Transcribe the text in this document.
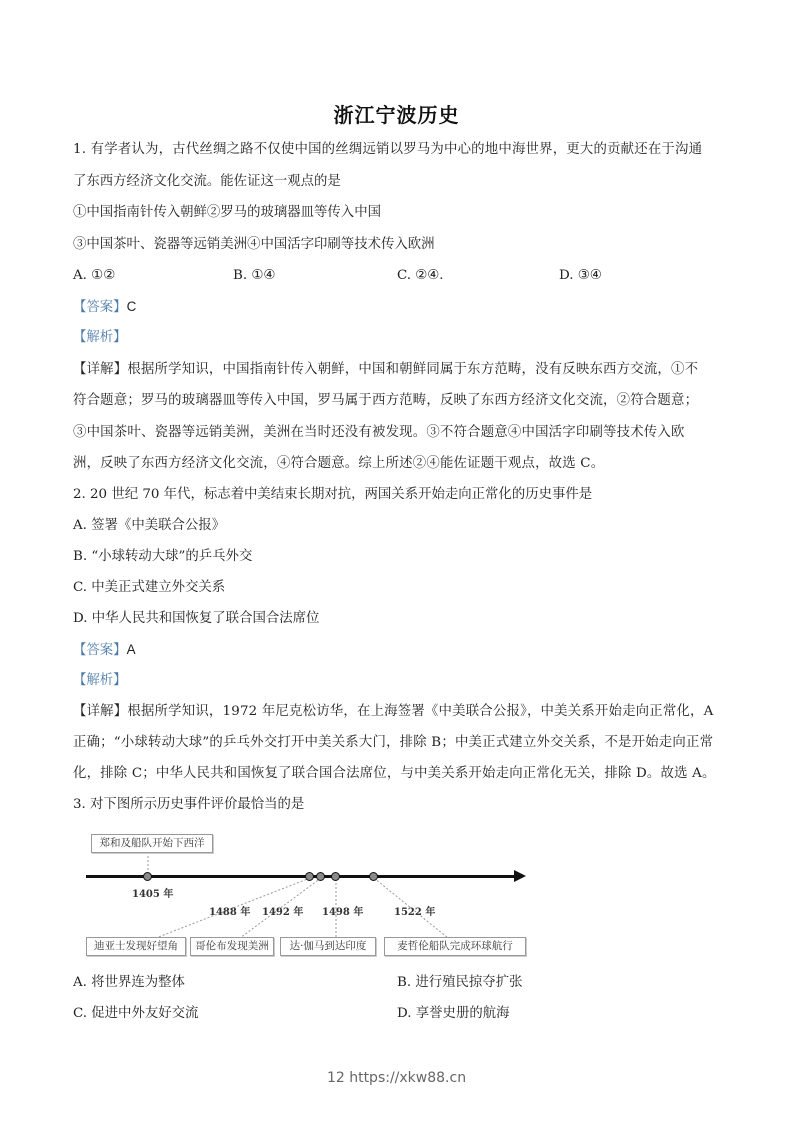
浙江宁波历史
1. 有学者认为，古代丝绸之路不仅使中国的丝绸远销以罗马为中心的地中海世界，更大的贡献还在于沟通
了东西方经济文化交流。能佐证这一观点的是
①中国指南针传入朝鲜②罗马的玻璃器皿等传入中国
③中国茶叶、瓷器等远销美洲④中国活字印刷等技术传入欧洲
A. ①②	B. ①④	C. ②④.	D. ③④
【答案】C
【解析】
【详解】根据所学知识，中国指南针传入朝鲜，中国和朝鲜同属于东方范畴，没有反映东西方交流，①不
符合题意；罗马的玻璃器皿等传入中国，罗马属于西方范畴，反映了东西方经济文化交流，②符合题意；
③中国茶叶、瓷器等远销美洲，美洲在当时还没有被发现。③不符合题意④中国活字印刷等技术传入欧
洲，反映了东西方经济文化交流，④符合题意。综上所述②④能佐证题干观点，故选 C。
2. 20 世纪 70 年代，标志着中美结束长期对抗，两国关系开始走向正常化的历史事件是
A. 签署《中美联合公报》
B. “小球转动大球”的乒乓外交
C. 中美正式建立外交关系
D. 中华人民共和国恢复了联合国合法席位
【答案】A
【解析】
【详解】根据所学知识，1972 年尼克松访华，在上海签署《中美联合公报》，中美关系开始走向正常化，A
正确；“小球转动大球”的乒乓外交打开中美关系大门，排除 B；中美正式建立外交关系，不是开始走向正常
化，排除 C；中华人民共和国恢复了联合国合法席位，与中美关系开始走向正常化无关，排除 D。故选 A。
3. 对下图所示历史事件评价最恰当的是
郑和及船队开始下西洋
1405 年
1488 年 1492 年 1498 年	1522 年
迪亚士发现好望角	哥伦布发现美洲	达·伽马到达印度	麦哲伦船队完成环球航行
A. 将世界连为整体	B. 进行殖民掠夺扩张
C. 促进中外友好交流	D. 享誉史册的航海
12 https://xkw88.cn
